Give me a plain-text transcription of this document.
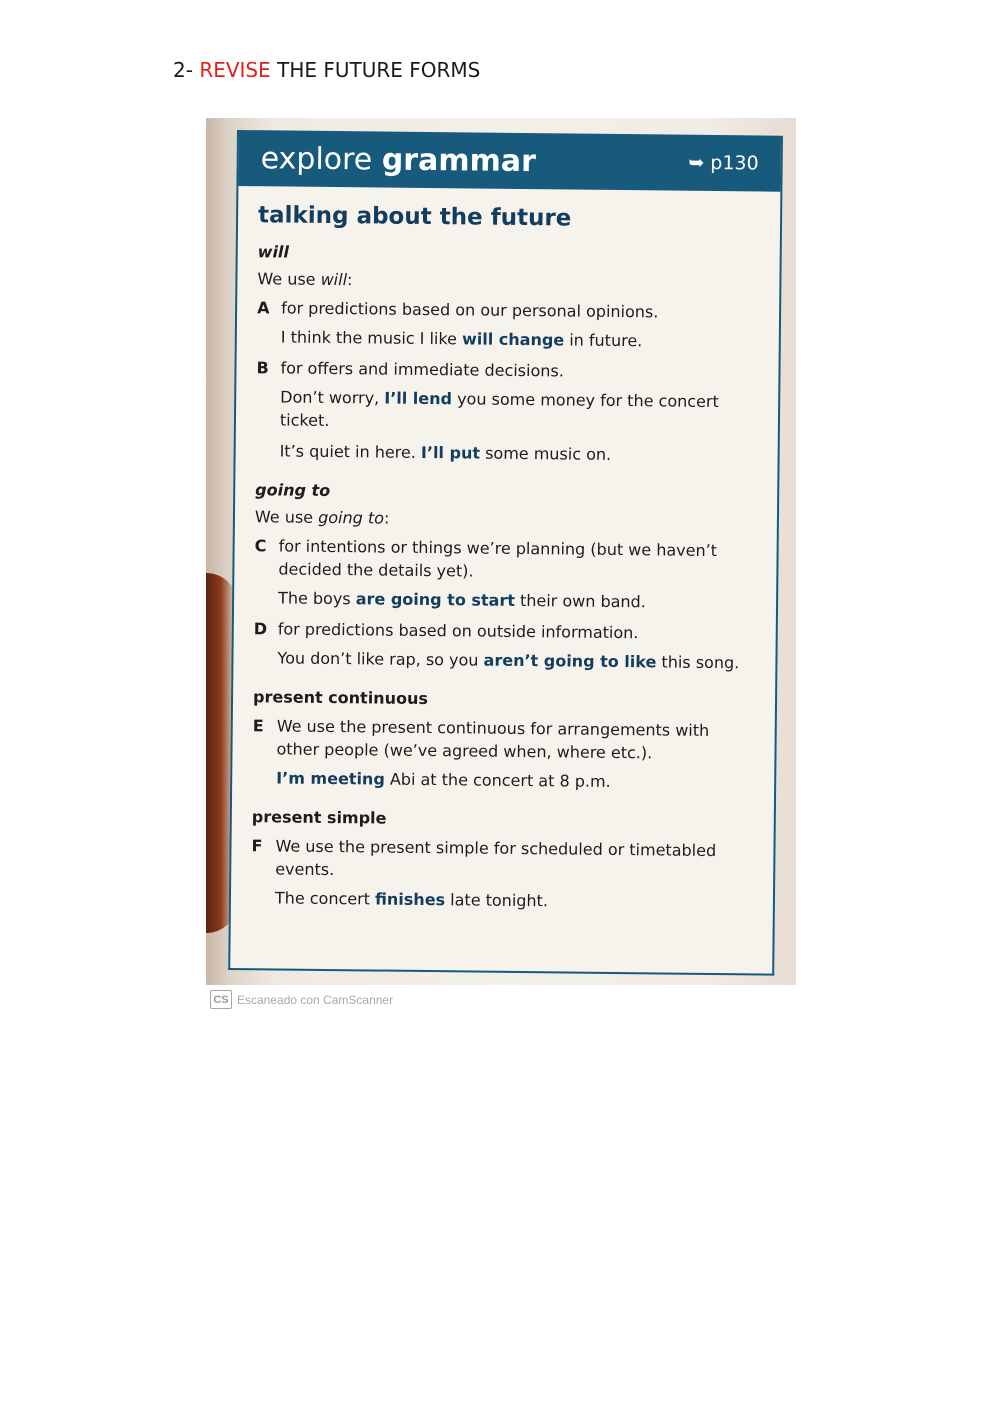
2- REVISE THE FUTURE FORMS
explore grammar	➥ p130
talking about the future
will
We use will:
A for predictions based on our personal opinions.
I think the music I like will change in future.
B for offers and immediate decisions.
Don’t worry, I’ll lend you some money for the concert ticket.
It’s quiet in here. I’ll put some music on.
going to
We use going to:
C for intentions or things we’re planning (but we haven’t decided the details yet).
The boys are going to start their own band.
D for predictions based on outside information.
You don’t like rap, so you aren’t going to like this song.
present continuous
E We use the present continuous for arrangements with other people (we’ve agreed when, where etc.).
I’m meeting Abi at the concert at 8 p.m.
present simple
F We use the present simple for scheduled or timetabled events.
The concert finishes late tonight.
CS Escaneado con CamScanner
